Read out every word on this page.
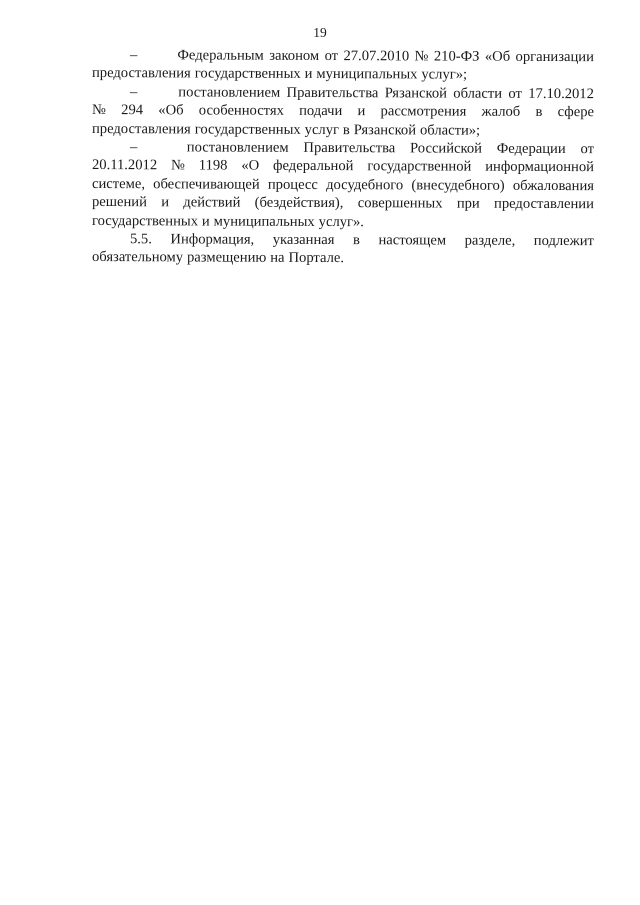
19
–	Федеральным законом от 27.07.2010 № 210-ФЗ «Об организации
предоставления государственных и муниципальных услуг»;
–	постановлением Правительства Рязанской области от 17.10.2012
№ 294 «Об особенностях подачи и рассмотрения жалоб в сфере
предоставления государственных услуг в Рязанской области»;
–	постановлением Правительства Российской Федерации от
20.11.2012 № 1198 «О федеральной государственной информационной
системе, обеспечивающей процесс досудебного (внесудебного) обжалования
решений и действий (бездействия), совершенных при предоставлении
государственных и муниципальных услуг».
5.5. Информация, указанная в настоящем разделе, подлежит
обязательному размещению на Портале.
